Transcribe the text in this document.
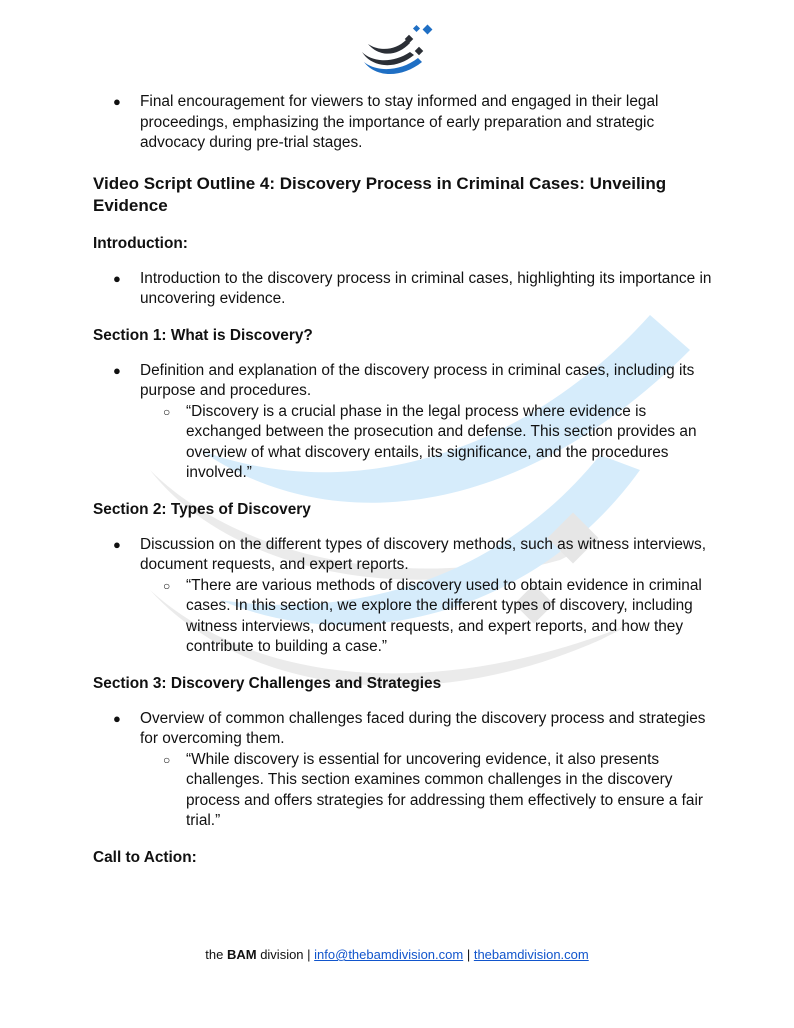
● Final encouragement for viewers to stay informed and engaged in their legal proceedings, emphasizing the importance of early preparation and strategic advocacy during pre-trial stages.
Video Script Outline 4: Discovery Process in Criminal Cases: Unveiling Evidence
Introduction:
● Introduction to the discovery process in criminal cases, highlighting its importance in uncovering evidence.
Section 1: What is Discovery?
● Definition and explanation of the discovery process in criminal cases, including its purpose and procedures.
○ “Discovery is a crucial phase in the legal process where evidence is exchanged between the prosecution and defense. This section provides an overview of what discovery entails, its significance, and the procedures involved.”
Section 2: Types of Discovery
● Discussion on the different types of discovery methods, such as witness interviews, document requests, and expert reports.
○ “There are various methods of discovery used to obtain evidence in criminal cases. In this section, we explore the different types of discovery, including witness interviews, document requests, and expert reports, and how they contribute to building a case.”
Section 3: Discovery Challenges and Strategies
● Overview of common challenges faced during the discovery process and strategies for overcoming them.
○ “While discovery is essential for uncovering evidence, it also presents challenges. This section examines common challenges in the discovery process and offers strategies for addressing them effectively to ensure a fair trial.”
Call to Action:
the BAM division | info@thebamdivision.com | thebamdivision.com
